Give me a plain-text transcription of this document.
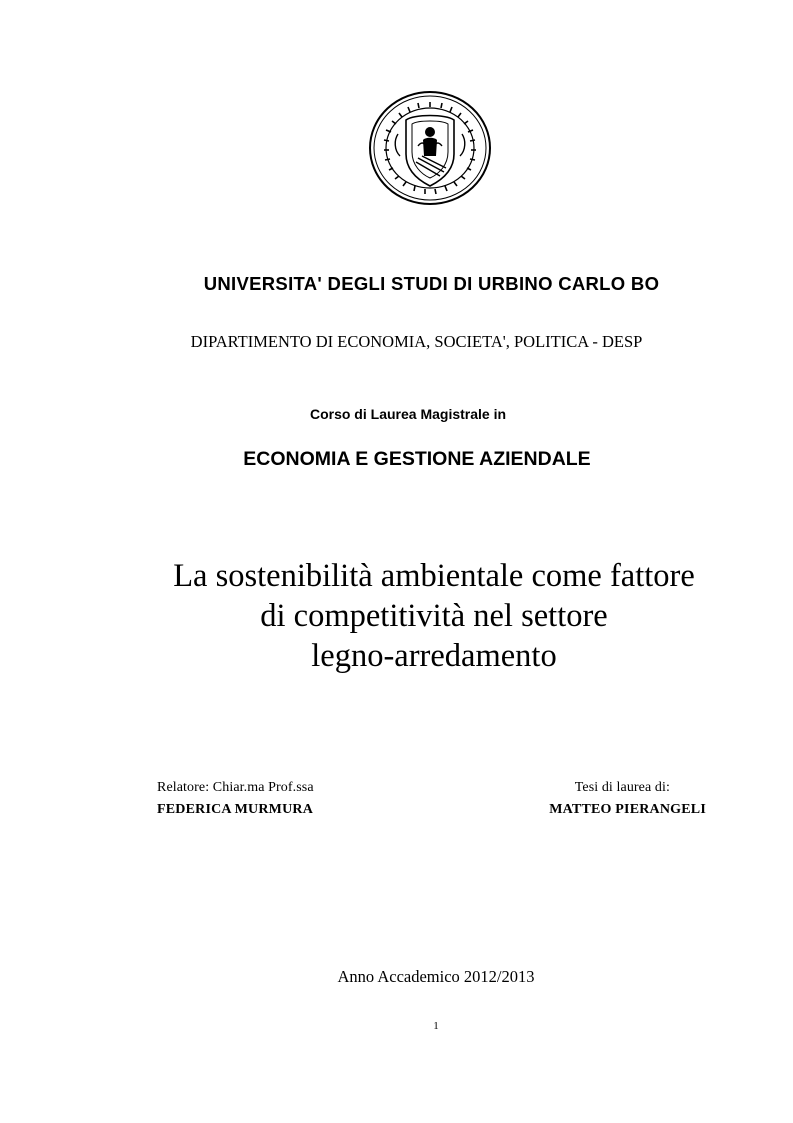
UNIVERSITA' DEGLI STUDI DI URBINO CARLO BO
DIPARTIMENTO DI ECONOMIA, SOCIETA', POLITICA - DESP
Corso di Laurea Magistrale in
ECONOMIA E GESTIONE AZIENDALE
La sostenibilità ambientale come fattore
di competitività nel settore
legno-arredamento
Relatore: Chiar.ma Prof.ssa
FEDERICA MURMURA
Tesi di laurea di:
MATTEO PIERANGELI
Anno Accademico 2012/2013
1
